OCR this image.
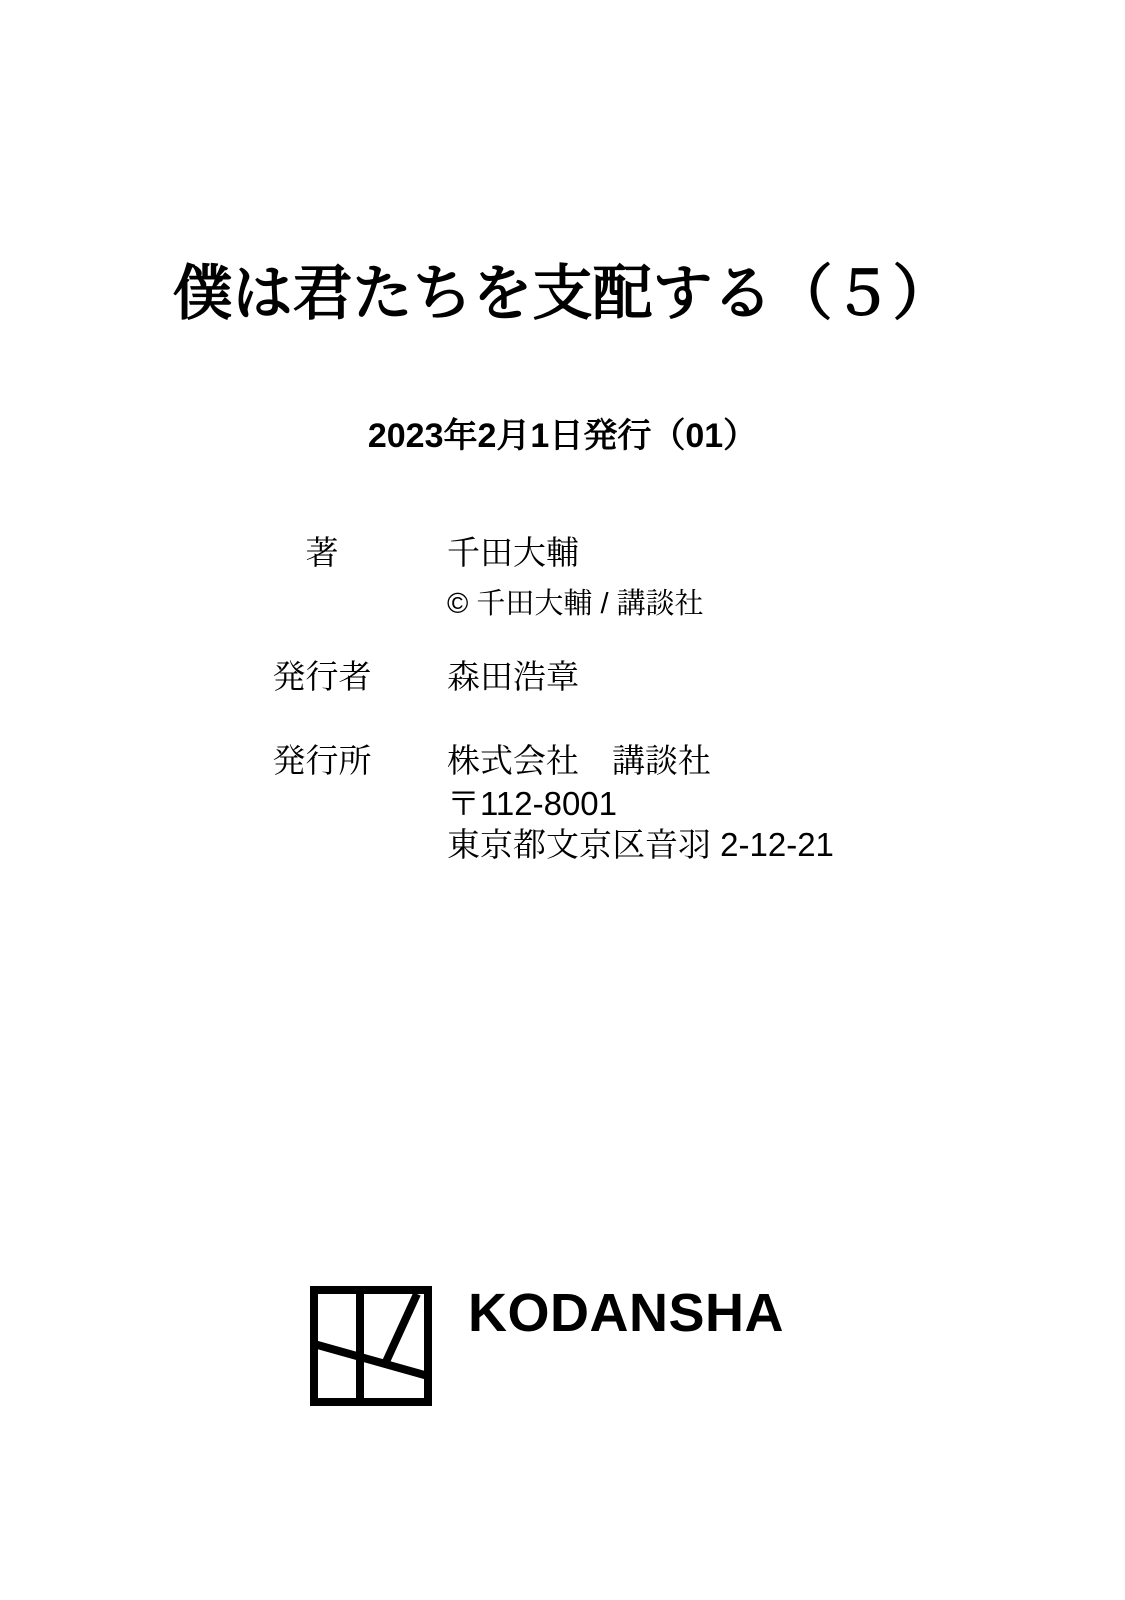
僕は君たちを支配する（５）
2023年2月1日発行（01）
著	千田大輔
© 千田大輔 / 講談社
発行者 森田浩章
発行所 株式会社　講談社
〒112-8001
東京都文京区音羽 2-12-21

KODANSHA
